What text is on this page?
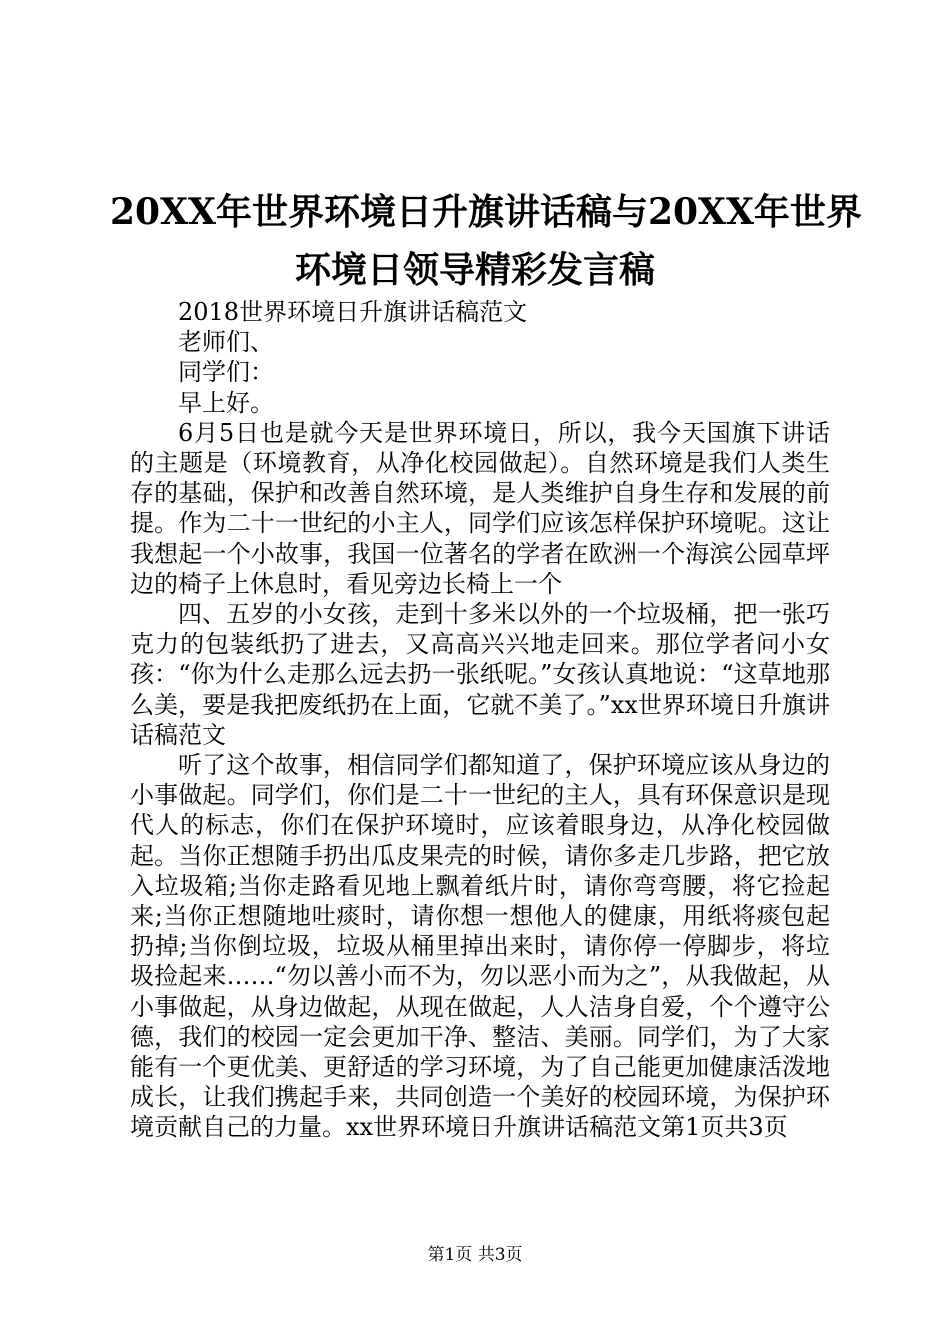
20XX年世界环境日升旗讲话稿与20XX年世界
环境日领导精彩发言稿

2018世界环境日升旗讲话稿范文

老师们、

同学们：

早上好。

6月5日也是就今天是世界环境日，所以，我今天国旗下讲话的主题是（环境教育，从净化校园做起）。自然环境是我们人类生存的基础，保护和改善自然环境，是人类维护自身生存和发展的前提。作为二十一世纪的小主人，同学们应该怎样保护环境呢。这让我想起一个小故事，我国一位著名的学者在欧洲一个海滨公园草坪边的椅子上休息时，看见旁边长椅上一个

四、五岁的小女孩，走到十多米以外的一个垃圾桶，把一张巧克力的包装纸扔了进去，又高高兴兴地走回来。那位学者问小女孩：“你为什么走那么远去扔一张纸呢。”女孩认真地说：“这草地那么美，要是我把废纸扔在上面，它就不美了。”xx世界环境日升旗讲话稿范文

听了这个故事，相信同学们都知道了，保护环境应该从身边的小事做起。同学们，你们是二十一世纪的主人，具有环保意识是现代人的标志，你们在保护环境时，应该着眼身边，从净化校园做起。当你正想随手扔出瓜皮果壳的时候，请你多走几步路，把它放入垃圾箱;当你走路看见地上飘着纸片时，请你弯弯腰，将它捡起来;当你正想随地吐痰时，请你想一想他人的健康，用纸将痰包起扔掉;当你倒垃圾，垃圾从桶里掉出来时，请你停一停脚步，将垃圾捡起来……“勿以善小而不为，勿以恶小而为之”，从我做起，从小事做起，从身边做起，从现在做起，人人洁身自爱，个个遵守公德，我们的校园一定会更加干净、整洁、美丽。同学们，为了大家能有一个更优美、更舒适的学习环境，为了自己能更加健康活泼地成长，让我们携起手来，共同创造一个美好的校园环境，为保护环境贡献自己的力量。xx世界环境日升旗讲话稿范文第1页共3页

第1页 共3页
